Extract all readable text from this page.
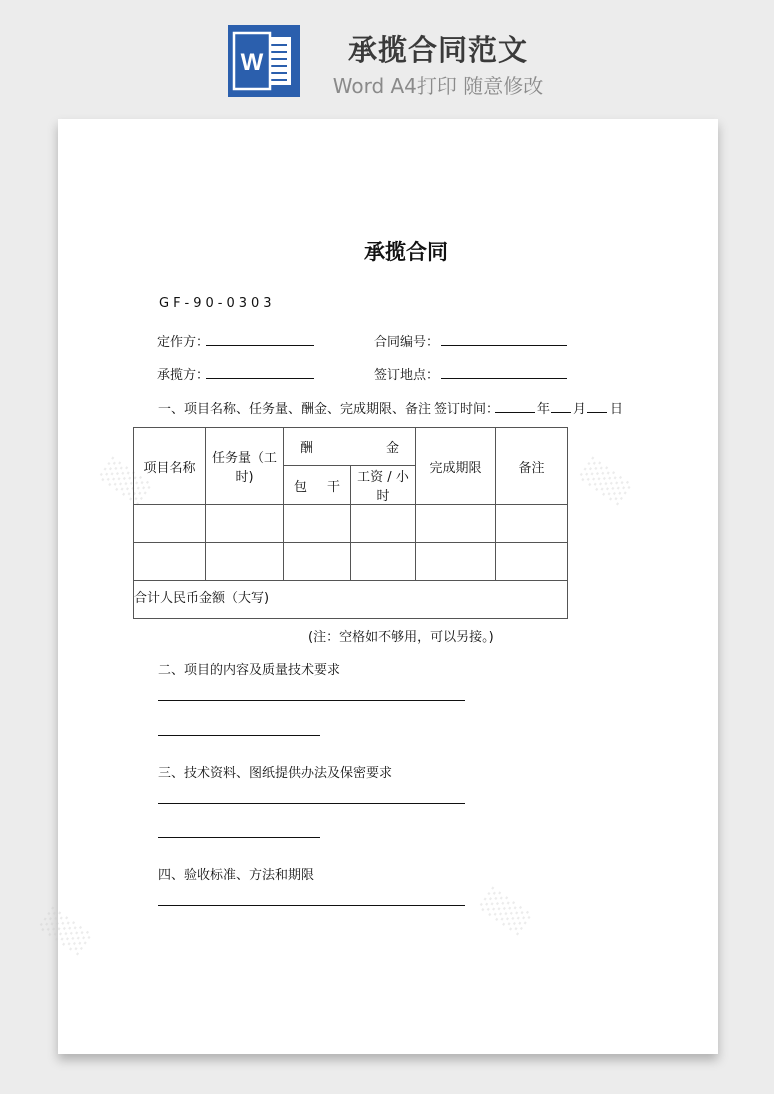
W	承揽合同范文
Word A4打印 随意修改
░░░	░░░
░░░	░░░
承揽合同
GF-90-0303
定作方：	合同编号：
承揽方：	签订地点：
一、项目名称、任务量、酬金、完成期限、备注 签订时间：	年 月 日
项目名称	任务量（工时)	酬 金		完成期限	备注

		包 干	工资 / 小时		

合计人民币金额（大写)					
(注：空格如不够用，可以另接。)
二、项目的内容及质量技术要求
三、技术资料、图纸提供办法及保密要求
四、验收标准、方法和期限
